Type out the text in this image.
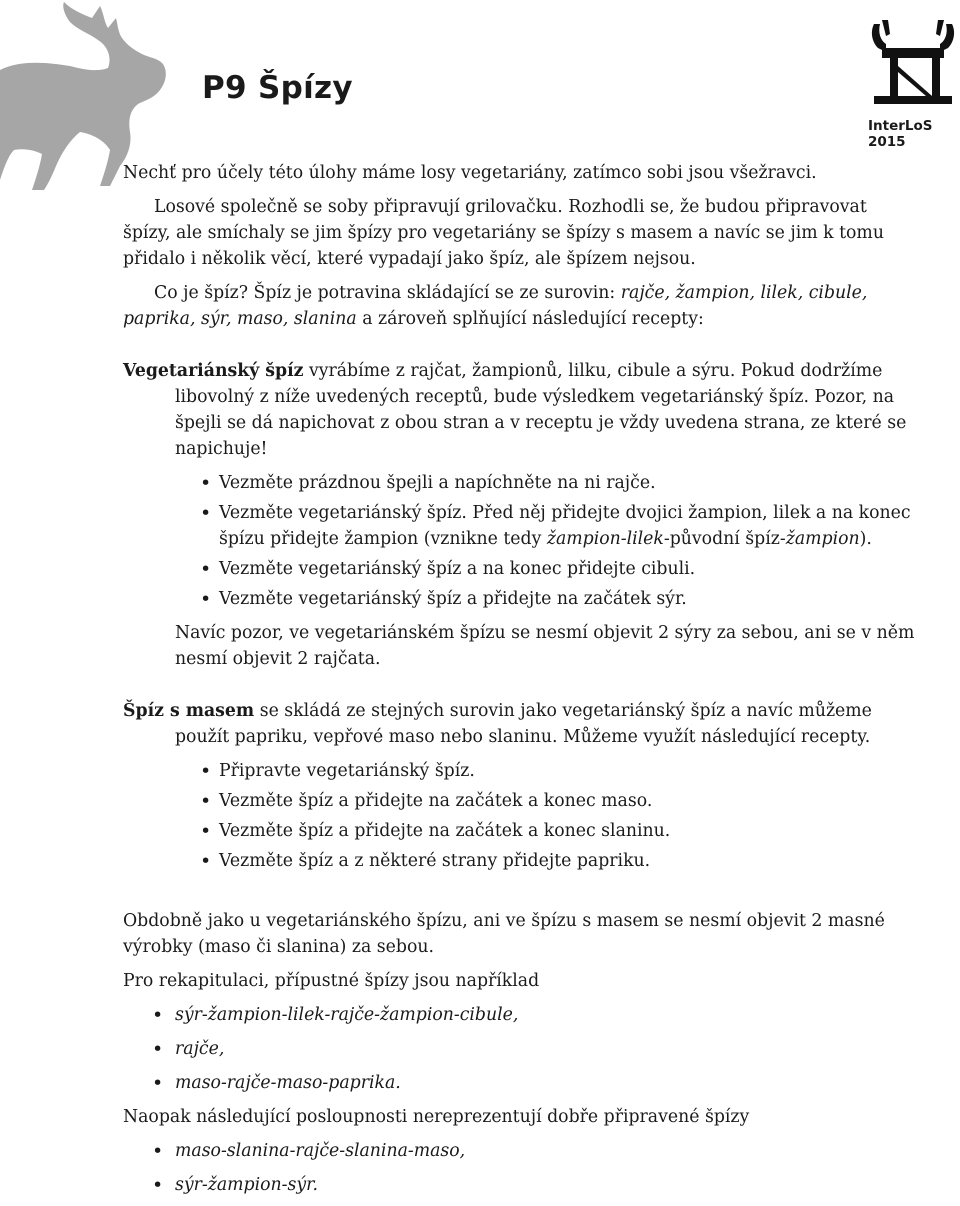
P9 Špízy
InterLoS 2015

Nechť pro účely této úlohy máme losy vegetariány, zatímco sobi jsou všežravci.

Losové společně se soby připravují grilovačku. Rozhodli se, že budou připravovat špízy, ale smíchaly se jim špízy pro vegetariány se špízy s masem a navíc se jim k tomu přidalo i několik věcí, které vypadají jako špíz, ale špízem nejsou.

Co je špíz? Špíz je potravina skládající se ze surovin: rajče, žampion, lilek, cibule, paprika, sýr, maso, slanina a zároveň splňující následující recepty:

Vegetariánský špíz vyrábíme z rajčat, žampionů, lilku, cibule a sýru. Pokud dodržíme libovolný z níže uvedených receptů, bude výsledkem vegetariánský špíz. Pozor, na špejli se dá napichovat z obou stran a v receptu je vždy uvedena strana, ze které se napichuje!

• Vezměte prázdnou špejli a napíchněte na ni rajče.
• Vezměte vegetariánský špíz. Před něj přidejte dvojici žampion, lilek a na konec špízu přidejte žampion (vznikne tedy žampion-lilek-původní špíz-žampion).
• Vezměte vegetariánský špíz a na konec přidejte cibuli.
• Vezměte vegetariánský špíz a přidejte na začátek sýr.

Navíc pozor, ve vegetariánském špízu se nesmí objevit 2 sýry za sebou, ani se v něm nesmí objevit 2 rajčata.

Špíz s masem se skládá ze stejných surovin jako vegetariánský špíz a navíc můžeme použít papriku, vepřové maso nebo slaninu. Můžeme využít následující recepty.

• Připravte vegetariánský špíz.
• Vezměte špíz a přidejte na začátek a konec maso.
• Vezměte špíz a přidejte na začátek a konec slaninu.
• Vezměte špíz a z některé strany přidejte papriku.

Obdobně jako u vegetariánského špízu, ani ve špízu s masem se nesmí objevit 2 masné výrobky (maso či slanina) za sebou.

Pro rekapitulaci, přípustné špízy jsou například

• sýr-žampion-lilek-rajče-žampion-cibule,
• rajče,
• maso-rajče-maso-paprika.

Naopak následující posloupnosti nereprezentují dobře připravené špízy

• maso-slanina-rajče-slanina-maso,
• sýr-žampion-sýr.
